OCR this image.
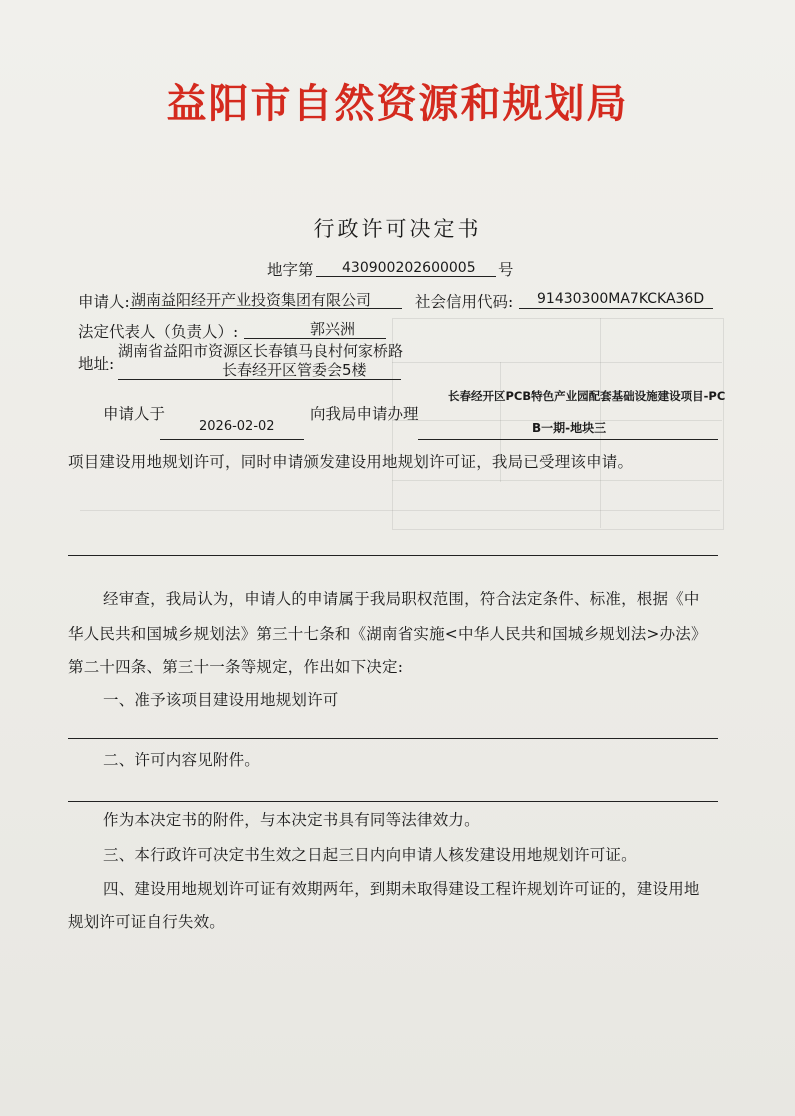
益阳市自然资源和规划局
行政许可决定书
地字第 430900202600005 号
申请人: 湖南益阳经开产业投资集团有限公司	社会信用代码: 91430300MA7KCKA36D
法定代表人（负责人）:	郭兴洲
地址:
湖南省益阳市资源区长春镇马良村何家桥路
长春经开区管委会5楼
申请人于
2026-02-02
向我局申请办理
长春经开区PCB特色产业园配套基础设施建设项目-PC
B一期-地块三
项目建设用地规划许可，同时申请颁发建设用地规划许可证，我局已受理该申请。
经审查，我局认为，申请人的申请属于我局职权范围，符合法定条件、标准，根据《中
华人民共和国城乡规划法》第三十七条和《湖南省实施<中华人民共和国城乡规划法>办法》
第二十四条、第三十一条等规定，作出如下决定:
一、准予该项目建设用地规划许可
二、许可内容见附件。
作为本决定书的附件，与本决定书具有同等法律效力。
三、本行政许可决定书生效之日起三日内向申请人核发建设用地规划许可证。
四、建设用地规划许可证有效期两年，到期未取得建设工程许规划许可证的，建设用地
规划许可证自行失效。
